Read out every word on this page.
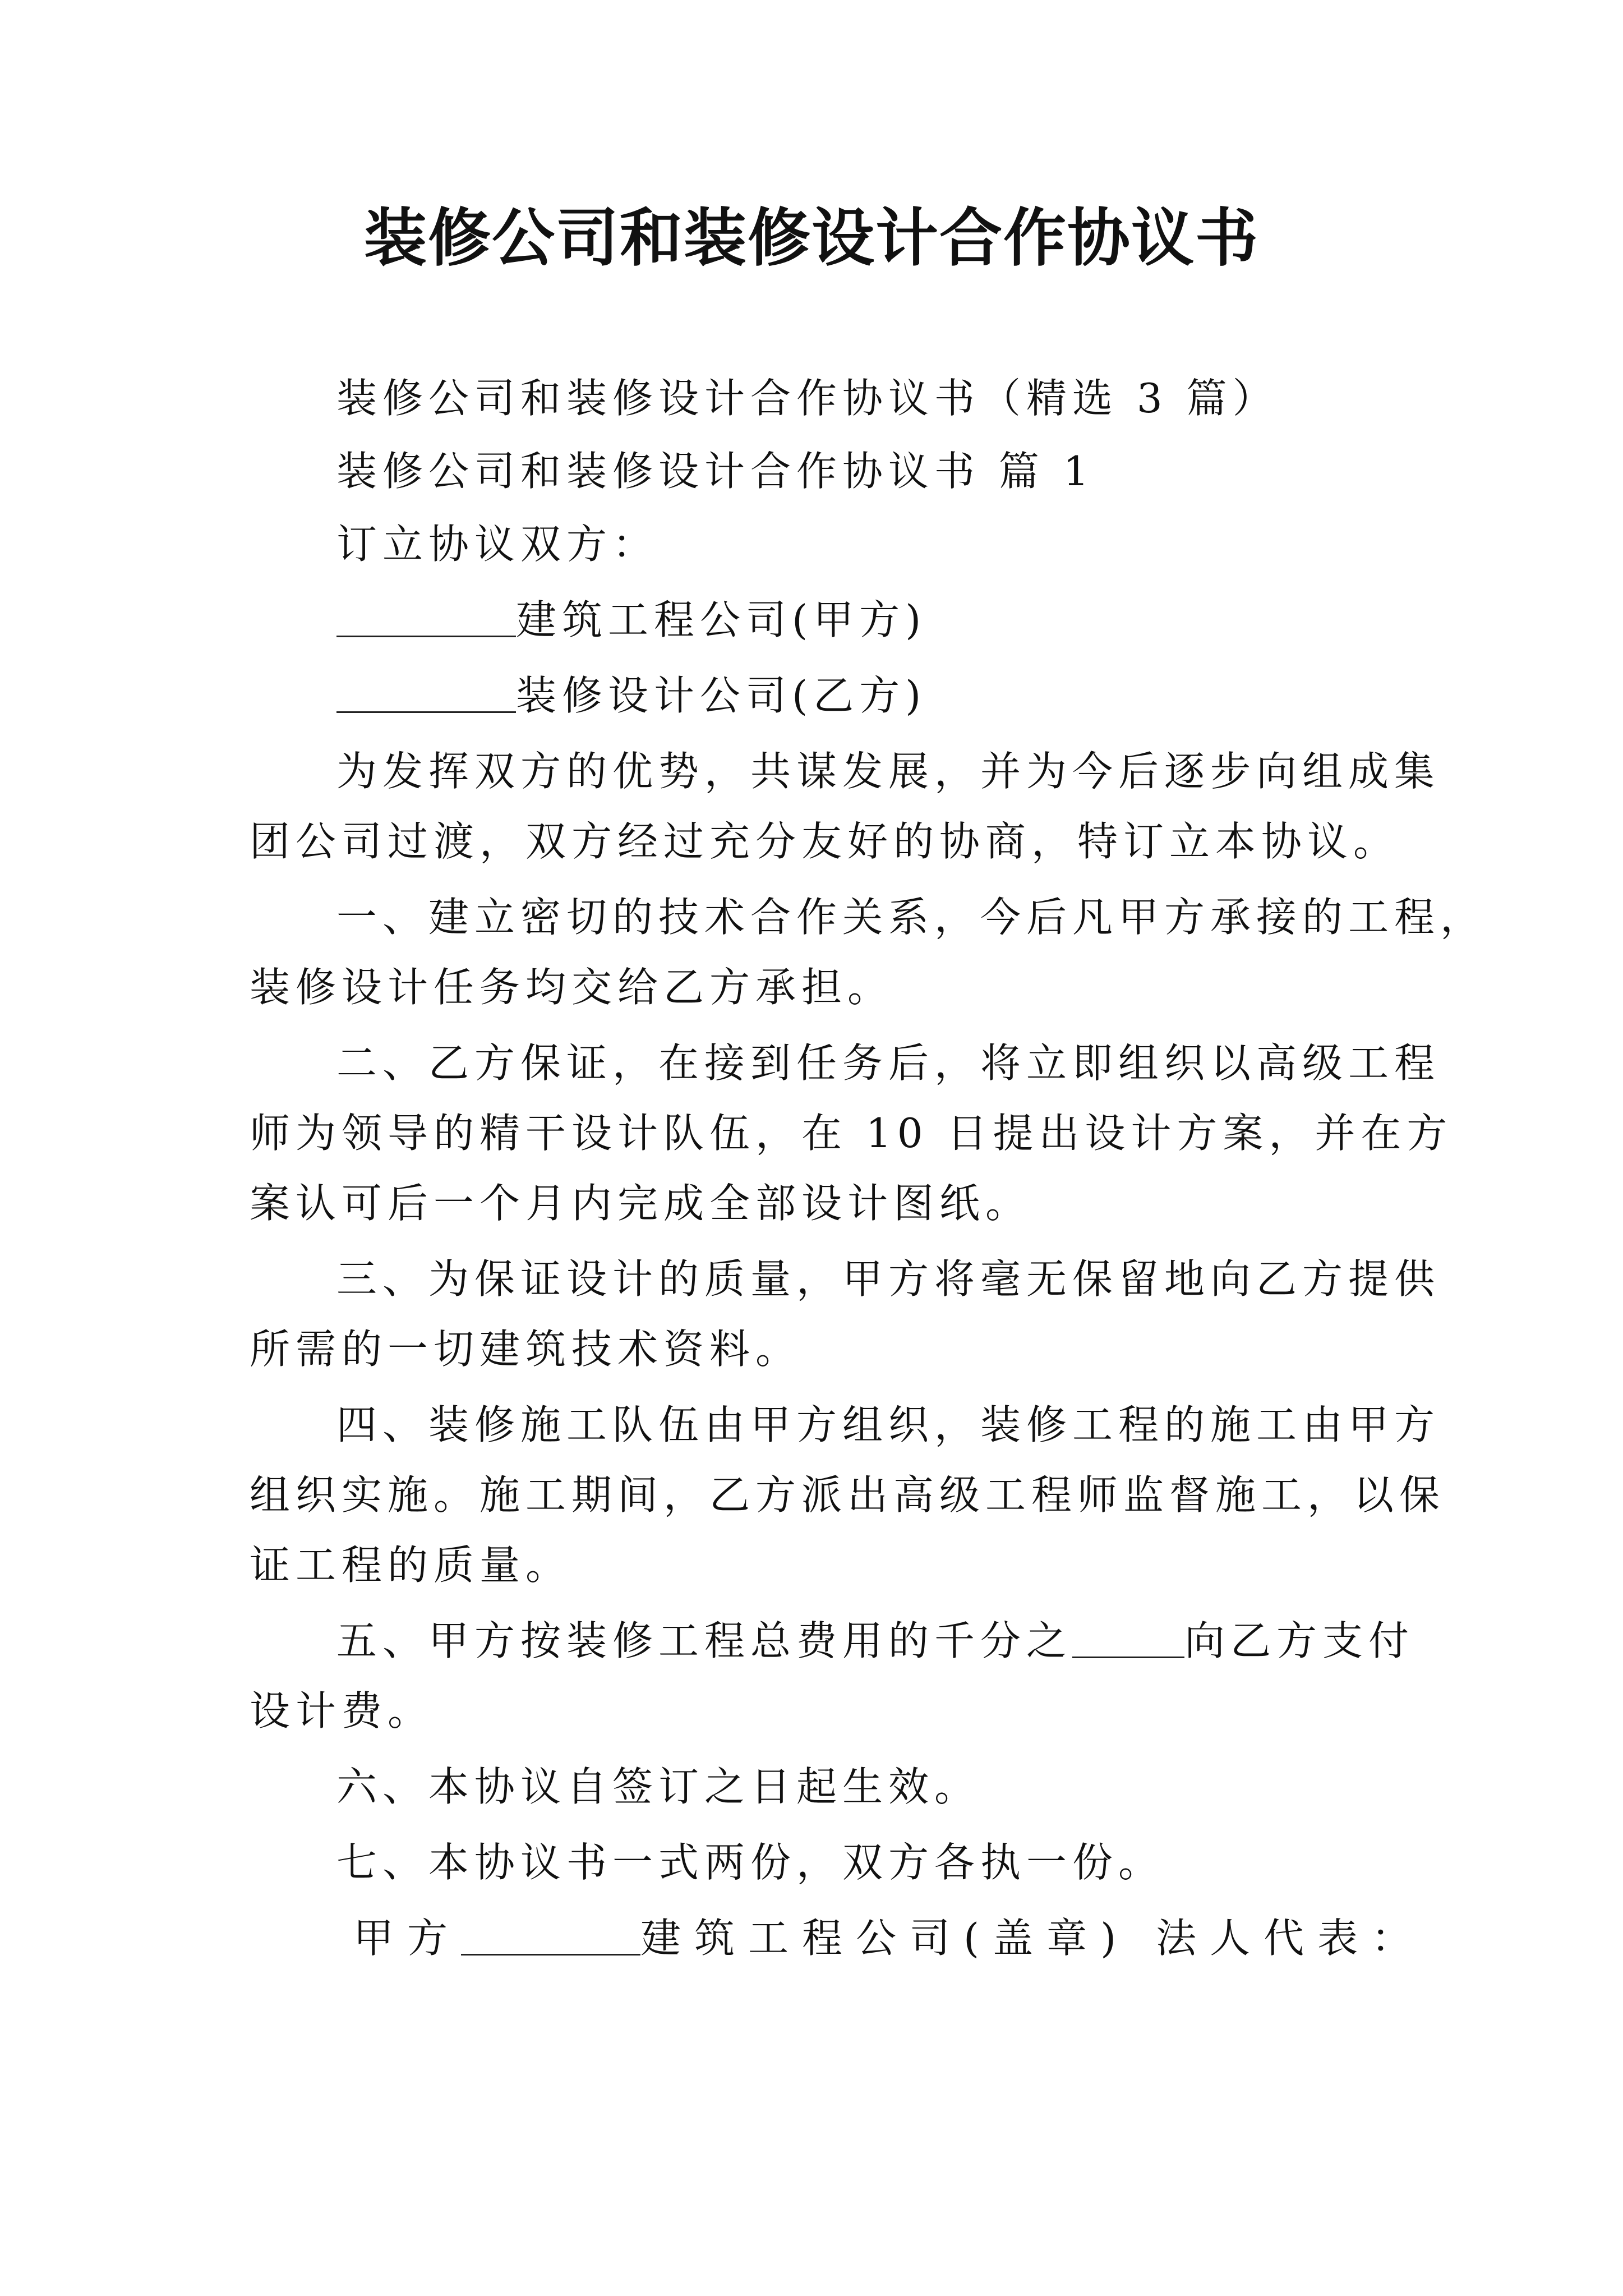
装修公司和装修设计合作协议书

装修公司和装修设计合作协议书（精选 3 篇）

装修公司和装修设计合作协议书 篇 1

订立协议双方：

建筑工程公司(甲方)

装修设计公司(乙方)

为发挥双方的优势，共谋发展，并为今后逐步向组成集

团公司过渡，双方经过充分友好的协商，特订立本协议。

一、建立密切的技术合作关系，今后凡甲方承接的工程，

装修设计任务均交给乙方承担。

二、乙方保证，在接到任务后，将立即组织以高级工程

师为领导的精干设计队伍，在 10 日提出设计方案，并在方

案认可后一个月内完成全部设计图纸。

三、为保证设计的质量，甲方将毫无保留地向乙方提供

所需的一切建筑技术资料。

四、装修施工队伍由甲方组织，装修工程的施工由甲方

组织实施。施工期间，乙方派出高级工程师监督施工，以保

证工程的质量。

五、甲方按装修工程总费用的千分之	向乙方支付

设计费。

六、本协议自签订之日起生效。

七、本协议书一式两份，双方各执一份。

甲方	建筑工程公司(盖章) 法人代表：
